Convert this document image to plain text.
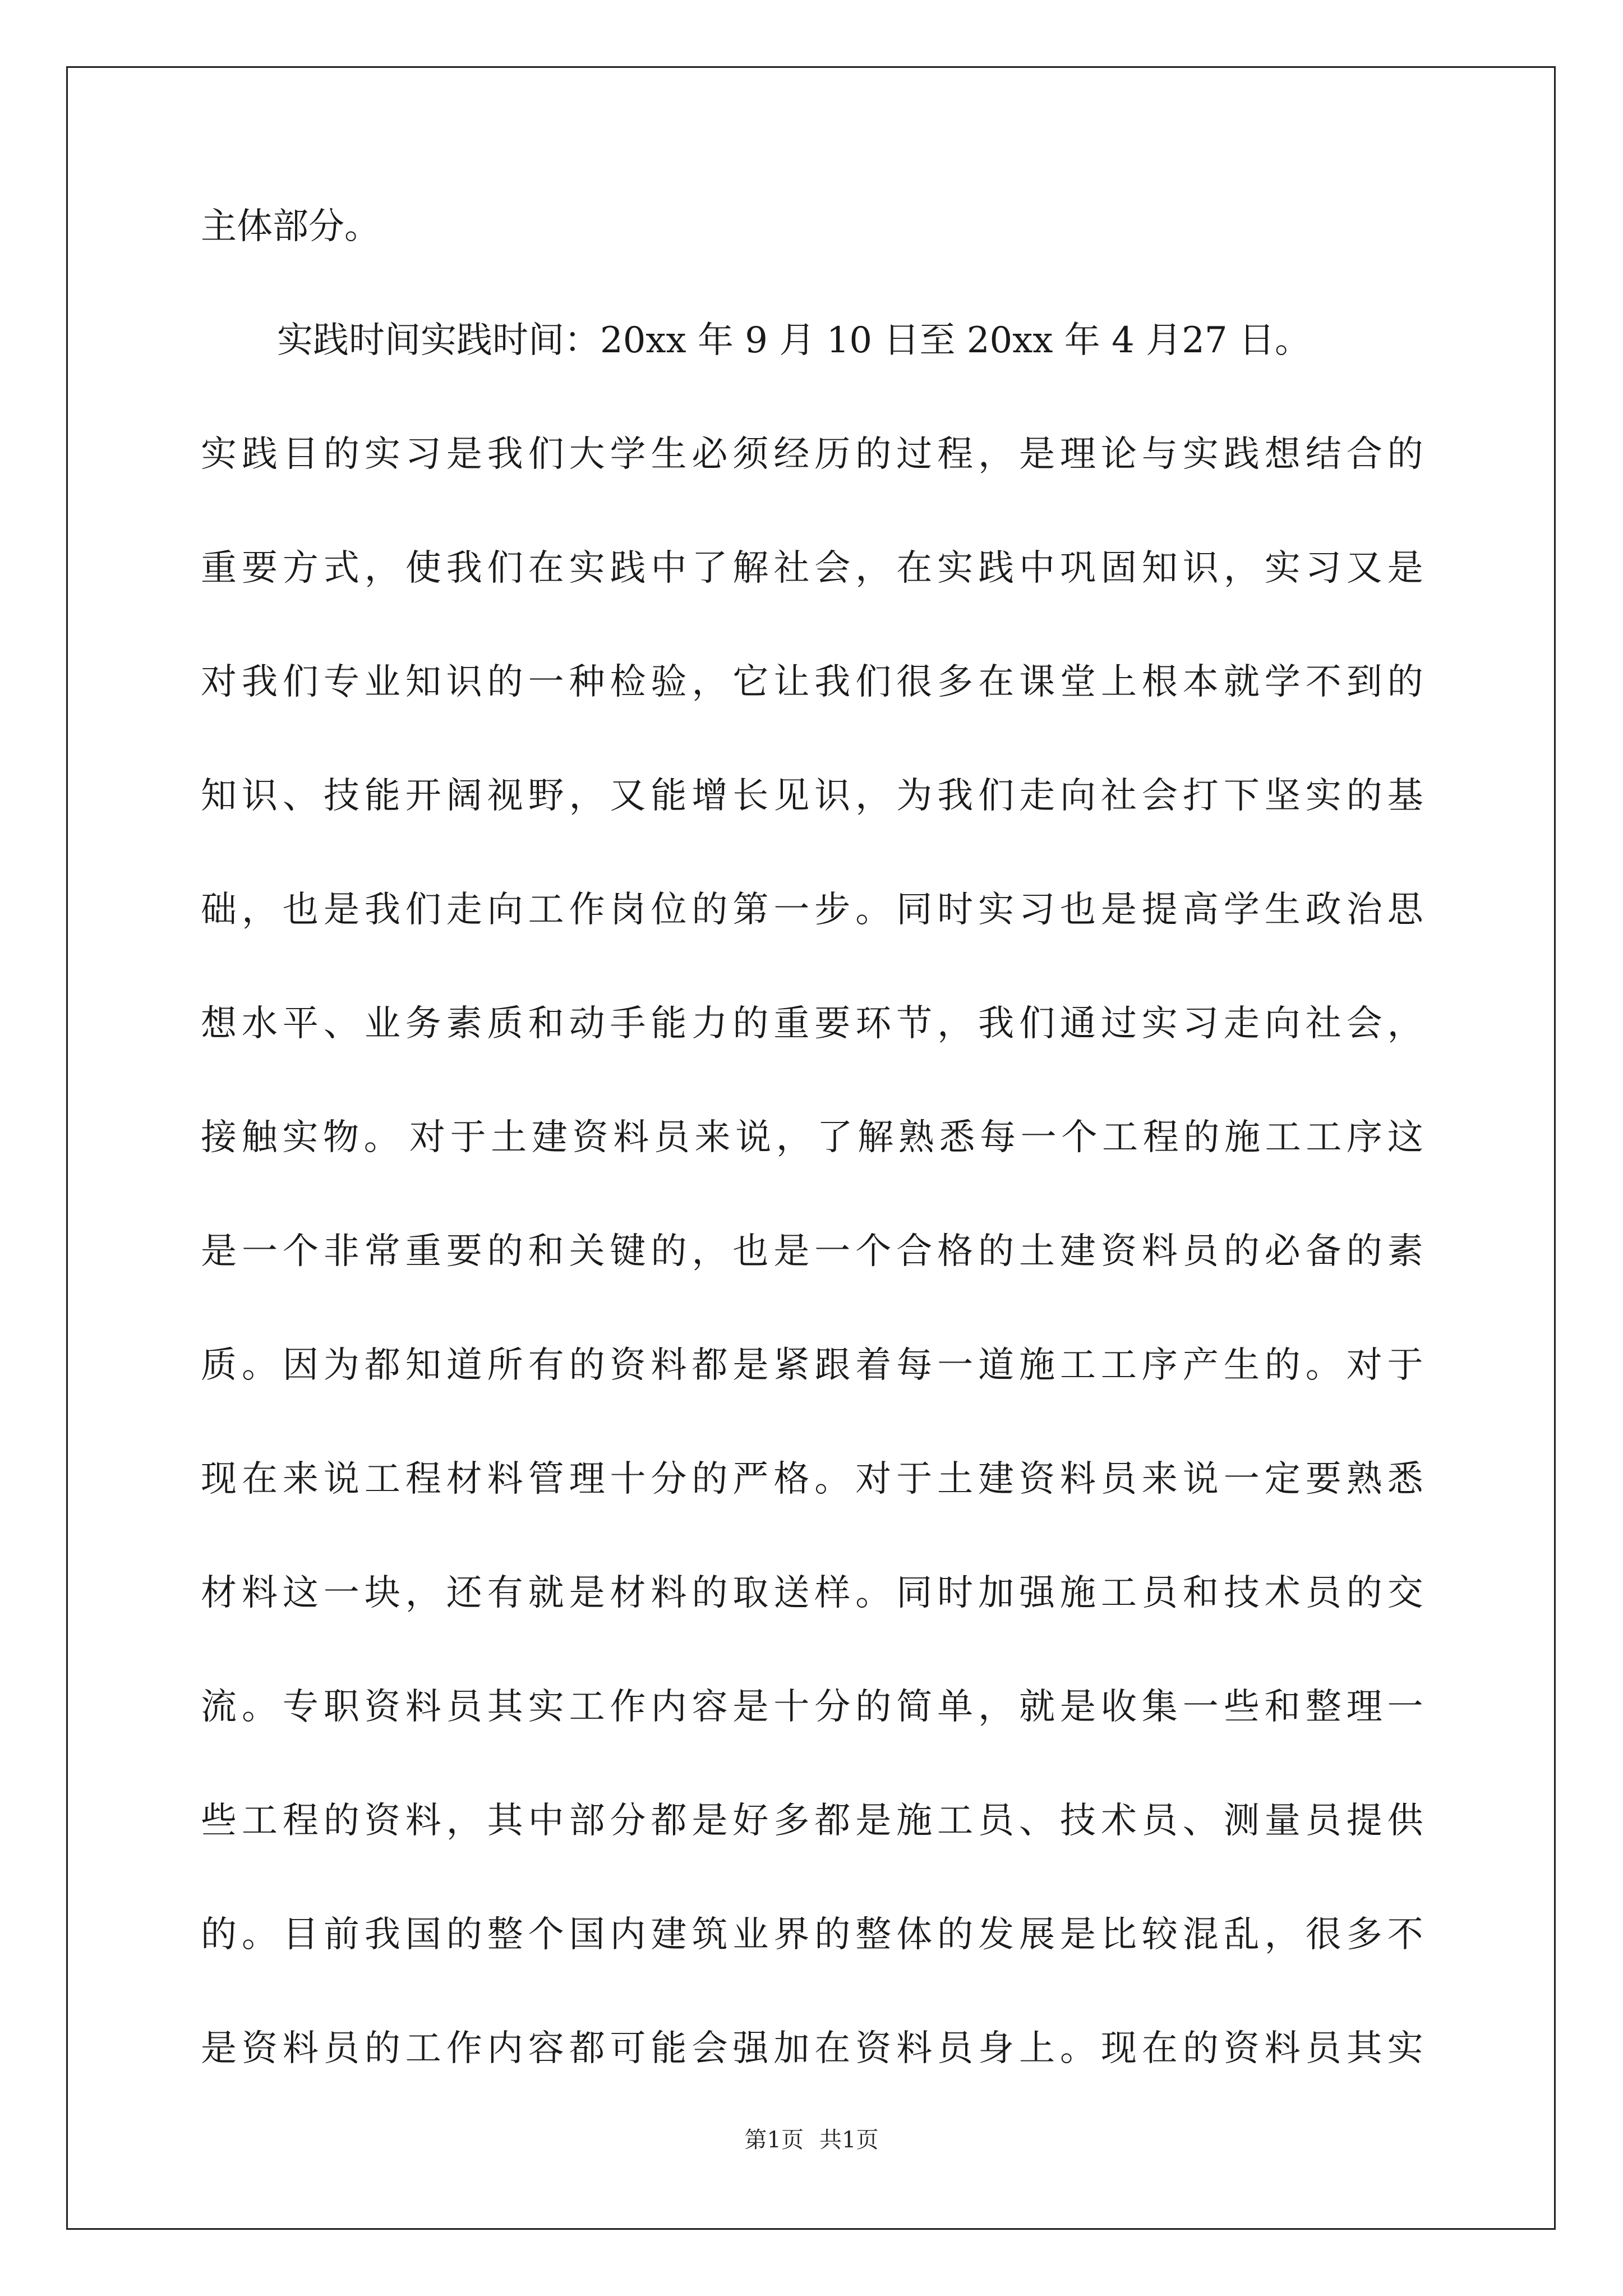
主体部分。
实践时间实践时间：20xx 年 9 月 10 日至 20xx 年 4 月27 日。
实 践 目 的 实 习 是 我 们 大 学 生 必 须 经 历 的 过 程 ， 是 理 论 与 实 践 想 结 合 的
重 要 方 式 ， 使 我 们 在 实 践 中 了 解 社 会 ， 在 实 践 中 巩 固 知 识 ， 实 习 又 是
对 我 们 专 业 知 识 的 一 种 检 验 ， 它 让 我 们 很 多 在 课 堂 上 根 本 就 学 不 到 的
知 识 、 技 能 开 阔 视 野 ， 又 能 增 长 见 识 ， 为 我 们 走 向 社 会 打 下 坚 实 的 基
础 ， 也 是 我 们 走 向 工 作 岗 位 的 第 一 步 。 同 时 实 习 也 是 提 高 学 生 政 治 思
想 水 平 、 业 务 素 质 和 动 手 能 力 的 重 要 环 节 ， 我 们 通 过 实 习 走 向 社 会 ，
接 触 实 物 。 对 于 土 建 资 料 员 来 说 ， 了 解 熟 悉 每 一 个 工 程 的 施 工 工 序 这
是 一 个 非 常 重 要 的 和 关 键 的 ， 也 是 一 个 合 格 的 土 建 资 料 员 的 必 备 的 素
质 。 因 为 都 知 道 所 有 的 资 料 都 是 紧 跟 着 每 一 道 施 工 工 序 产 生 的 。 对 于
现 在 来 说 工 程 材 料 管 理 十 分 的 严 格 。 对 于 土 建 资 料 员 来 说 一 定 要 熟 悉
材 料 这 一 块 ， 还 有 就 是 材 料 的 取 送 样 。 同 时 加 强 施 工 员 和 技 术 员 的 交
流 。 专 职 资 料 员 其 实 工 作 内 容 是 十 分 的 简 单 ， 就 是 收 集 一 些 和 整 理 一
些 工 程 的 资 料 ， 其 中 部 分 都 是 好 多 都 是 施 工 员 、 技 术 员 、 测 量 员 提 供
的 。 目 前 我 国 的 整 个 国 内 建 筑 业 界 的 整 体 的 发 展 是 比 较 混 乱 ， 很 多 不
是 资 料 员 的 工 作 内 容 都 可 能 会 强 加 在 资 料 员 身 上 。 现 在 的 资 料 员 其 实
第1页 共1页
